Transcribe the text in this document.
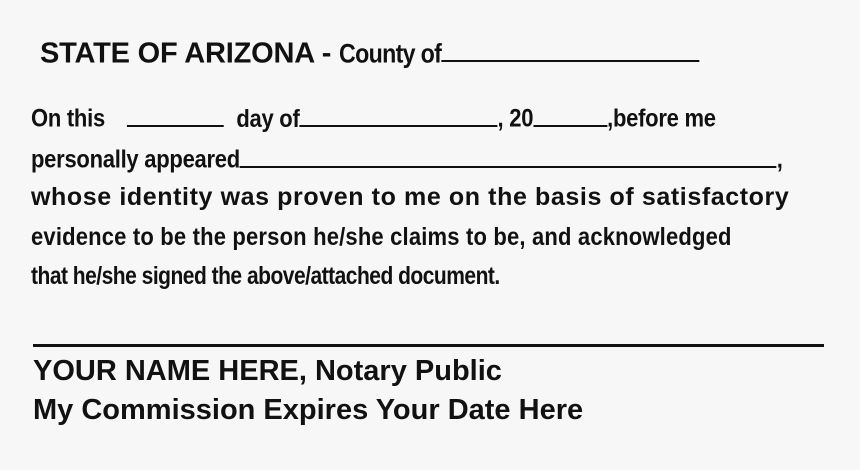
STATE OF ARIZONA - County of
On this	day of	, 20	,before me
personally appeared	,
whose identity was proven to me on the basis of satisfactory
evidence to be the person he/she claims to be, and acknowledged
that he/she signed the above/attached document.
YOUR NAME HERE, Notary Public
My Commission Expires Your Date Here
